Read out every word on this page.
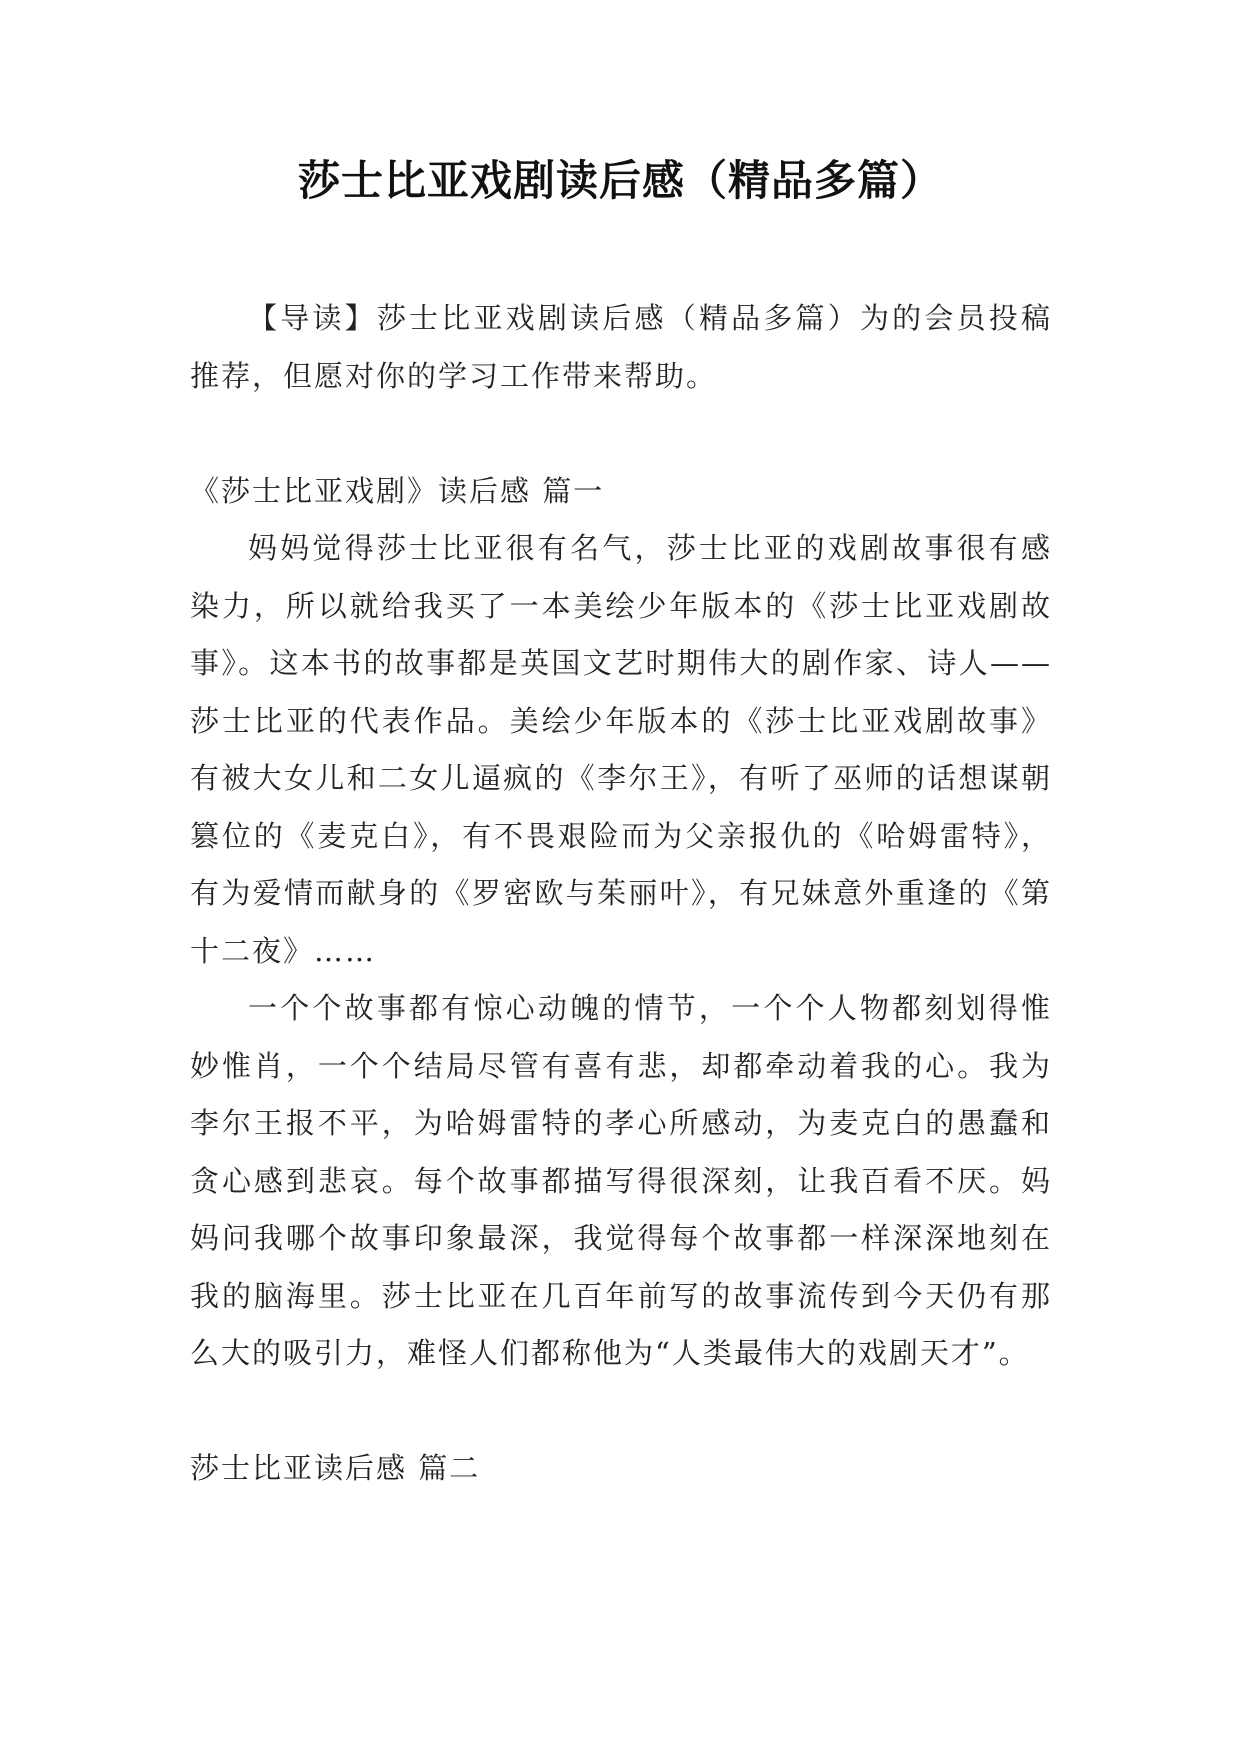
莎士比亚戏剧读后感（精品多篇）

【导读】莎士比亚戏剧读后感（精品多篇）为的会员投稿推荐，但愿对你的学习工作带来帮助。

《莎士比亚戏剧》读后感 篇一

妈妈觉得莎士比亚很有名气，莎士比亚的戏剧故事很有感染力，所以就给我买了一本美绘少年版本的《莎士比亚戏剧故事》。这本书的故事都是英国文艺时期伟大的剧作家、诗人——莎士比亚的代表作品。美绘少年版本的《莎士比亚戏剧故事》有被大女儿和二女儿逼疯的《李尔王》，有听了巫师的话想谋朝篡位的《麦克白》，有不畏艰险而为父亲报仇的《哈姆雷特》，有为爱情而献身的《罗密欧与茱丽叶》，有兄妹意外重逢的《第十二夜》……

一个个故事都有惊心动魄的情节，一个个人物都刻划得惟妙惟肖，一个个结局尽管有喜有悲，却都牵动着我的心。我为李尔王报不平，为哈姆雷特的孝心所感动，为麦克白的愚蠢和贪心感到悲哀。每个故事都描写得很深刻，让我百看不厌。妈妈问我哪个故事印象最深，我觉得每个故事都一样深深地刻在我的脑海里。莎士比亚在几百年前写的故事流传到今天仍有那么大的吸引力，难怪人们都称他为“人类最伟大的戏剧天才”。

莎士比亚读后感 篇二
